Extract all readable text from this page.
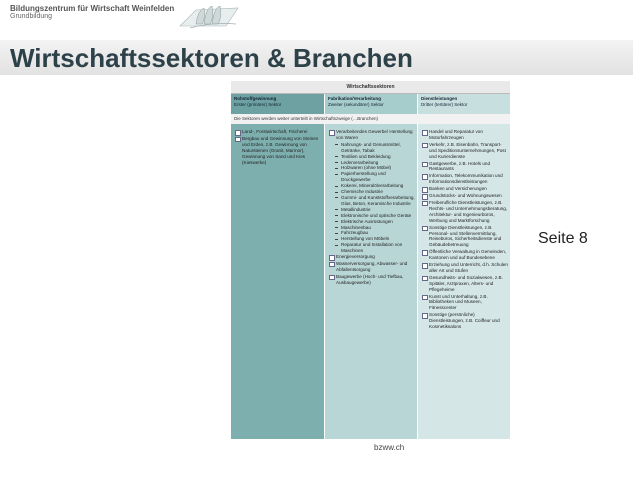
Bildungszentrum für Wirtschaft Weinfelden
Grundbildung
Wirtschaftssektoren & Branchen
Wirtschaftssektoren
Rohstoffgewinnung
Erster (primärer) Sektor
Fabrikation/Verarbeitung
Zweiter (sekundärer) Sektor
Dienstleistungen
Dritter (tertiärer) Sektor
Die Sektoren werden weiter unterteilt in Wirtschaftszweige (…Branchen)
Land-, Forstwirtschaft, Fischerei
Bergbau und Gewinnung von Steinen und Erden, z.B. Gewinnung von Natursteinen (Granit, Marmor), Gewinnung von Sand und Kies (Kieswerke)
Verarbeitendes Gewerbe/ Herstellung von Waren
Nahrungs- und Genussmittel, Getränke, Tabak
Textilien und Bekleidung
Lederverarbeitung
Holzwaren (ohne Möbel)
Papierherstellung und Druckgewerbe
Kokerei, Mineralölverarbeitung
Chemische Industrie
Gummi- und Kunststoffverarbeitung, Glas, Beton, Keramische Industrie
Metallindustrie
Elektronische und optische Geräte
Elektrische Ausrüstungen
Maschinenbau
Fahrzeugbau
Herstellung von Möbeln
Reparatur und Installation von Maschinen
Energieversorgung
Wasserversorgung, Abwasser- und Abfallentsorgung
Baugewerbe (Hoch- und Tiefbau, Ausbaugewerbe)
Handel und Reparatur von Motorfahrzeugen
Verkehr, z.B. Eisenbahn, Transport- und Speditionsunternehmungen, Post und Kurierdienste
Gastgewerbe, z.B. Hotels und Restaurants
Information, Telekommunikation und Informationsdienstleistungen
Banken und Versicherungen
Grundstücks- und Wohnungswesen
Freiberufliche Dienstleistungen, z.B. Rechts- und Unternehmungsberatung, Architektur- und Ingenieurbüros, Werbung und Marktforschung
Sonstige Dienstleistungen, z.B. Personal- und Stellenvermittlung, Reisebüros, Sicherheitsdienste und Gebäudebetreuung
Öffentliche Verwaltung in Gemeinden, Kantonen und auf Bundesebene
Erziehung und Unterricht, d.h. Schulen aller Art und Stufen
Gesundheits- und Sozialwesen, z.B. Spitäler, Arztpraxen, Alters- und Pflegeheime
Kunst und Unterhaltung, z.B. Bibliotheken und Museen, Fitnesscenter
Sonstige (persönliche) Dienstleistungen, z.B. Coiffeur und Kosmetiksalons
Seite 8
bzww.ch
